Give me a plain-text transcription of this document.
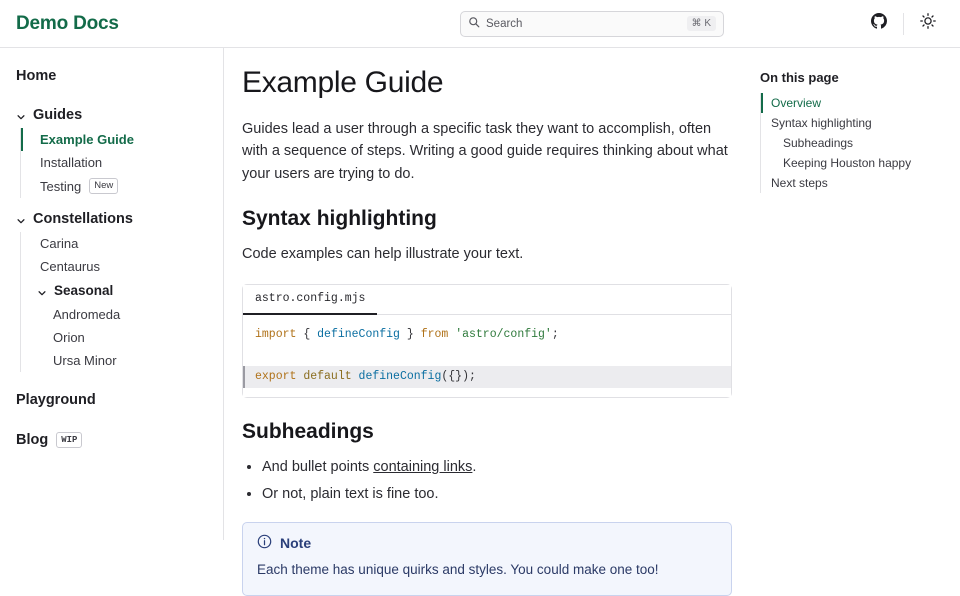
Demo Docs	Search	⌘ K
Home
Guides
Example Guide
Installation
Testing	New
Constellations
Carina
Centaurus
Seasonal
Andromeda
Orion
Ursa Minor
Playground
Blog	WIP
Example Guide

Guides lead a user through a specific task they want to accomplish, often with a sequence of steps. Writing a good guide requires thinking about what your users are trying to do.

Syntax highlighting

Code examples can help illustrate your text.

astro.config.mjs
import { defineConfig } from 'astro/config';
export default defineConfig({});
Subheadings
• And bullet points containing links.
• Or not, plain text is fine too.
Note
Each theme has unique quirks and styles. You could make one too!
On this page
Overview
Syntax highlighting
Subheadings
Keeping Houston happy
Next steps
